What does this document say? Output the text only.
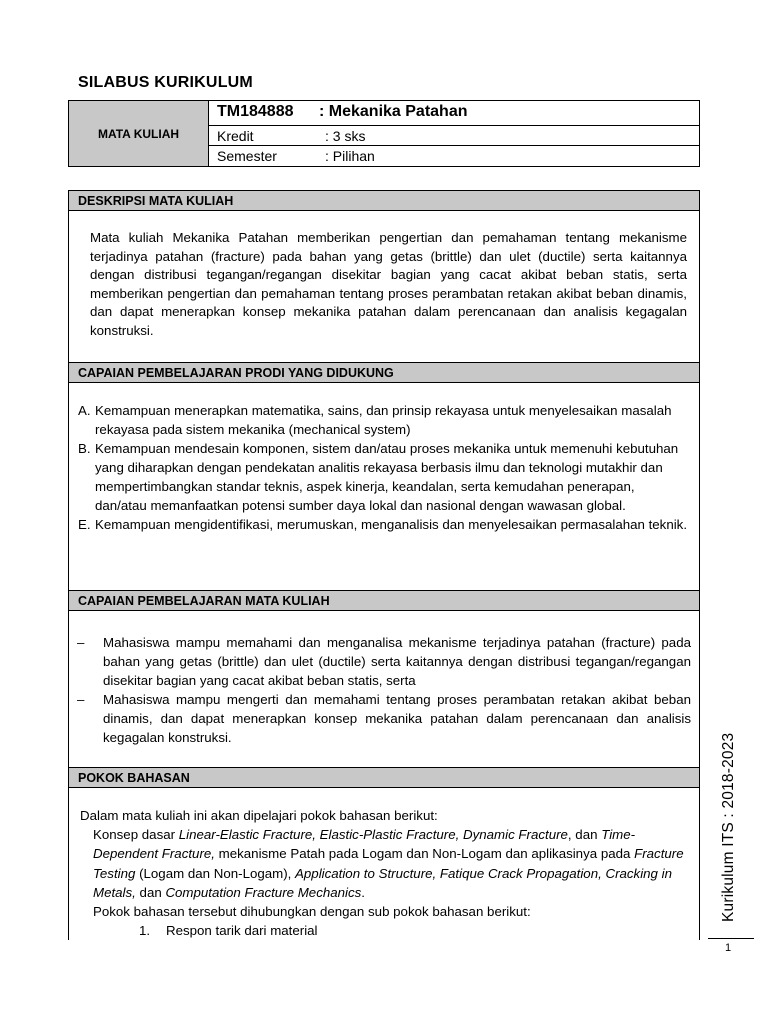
SILABUS KURIKULUM
MATA KULIAH
TM184888 : Mekanika Patahan
Kredit	: 3 sks
Semester	: Pilihan
DESKRIPSI MATA KULIAH
Mata kuliah Mekanika Patahan memberikan pengertian dan pemahaman tentang mekanisme terjadinya patahan (fracture) pada bahan yang getas (brittle) dan ulet (ductile) serta kaitannya dengan distribusi tegangan/regangan disekitar bagian yang cacat akibat beban statis, serta memberikan pengertian dan pemahaman tentang proses perambatan retakan akibat beban dinamis, dan dapat menerapkan konsep mekanika patahan dalam perencanaan dan analisis kegagalan konstruksi.
CAPAIAN PEMBELAJARAN PRODI YANG DIDUKUNG
A. Kemampuan menerapkan matematika, sains, dan prinsip rekayasa untuk menyelesaikan masalah rekayasa pada sistem mekanika (mechanical system)
B. Kemampuan mendesain komponen, sistem dan/atau proses mekanika untuk memenuhi kebutuhan yang diharapkan dengan pendekatan analitis rekayasa berbasis ilmu dan teknologi mutakhir dan mempertimbangkan standar teknis, aspek kinerja, keandalan, serta kemudahan penerapan, dan/atau memanfaatkan potensi sumber daya lokal dan nasional dengan wawasan global.
E. Kemampuan mengidentifikasi, merumuskan, menganalisis dan menyelesaikan permasalahan teknik.
CAPAIAN PEMBELAJARAN MATA KULIAH
– Mahasiswa mampu memahami dan menganalisa mekanisme terjadinya patahan (fracture) pada bahan yang getas (brittle) dan ulet (ductile) serta kaitannya dengan distribusi tegangan/regangan disekitar bagian yang cacat akibat beban statis, serta
– Mahasiswa mampu mengerti dan memahami tentang proses perambatan retakan akibat beban dinamis, dan dapat menerapkan konsep mekanika patahan dalam perencanaan dan analisis kegagalan konstruksi.
POKOK BAHASAN
Dalam mata kuliah ini akan dipelajari pokok bahasan berikut:
Konsep dasar Linear-Elastic Fracture, Elastic-Plastic Fracture, Dynamic Fracture, dan Time-Dependent Fracture, mekanisme Patah pada Logam dan Non-Logam dan aplikasinya pada Fracture Testing (Logam dan Non-Logam), Application to Structure, Fatique Crack Propagation, Cracking in Metals, dan Computation Fracture Mechanics.
Pokok bahasan tersebut dihubungkan dengan sub pokok bahasan berikut:
1. Respon tarik dari material
Kurikulum ITS : 2018-2023
1
